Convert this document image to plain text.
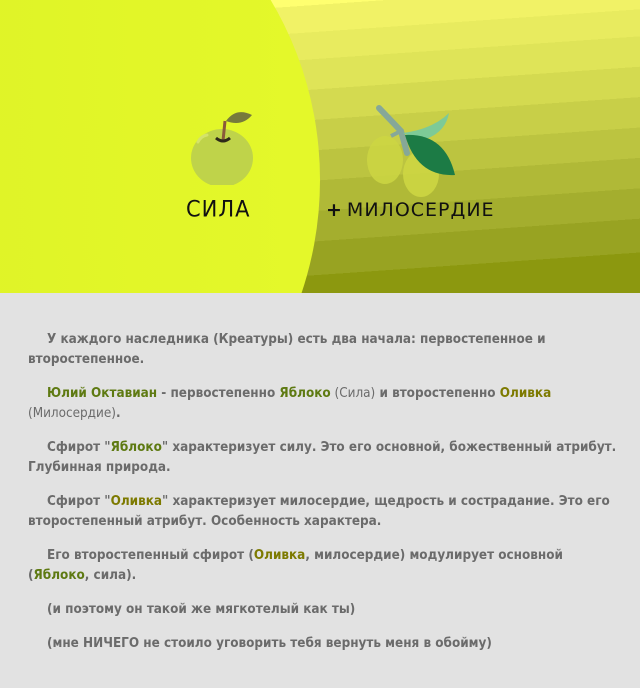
СИЛА	+ МИЛОСЕРДИЕ

У каждого наследника (Креатуры) есть два начала: первостепенное и второстепенное.

Юлий Октавиан - первостепенно Яблоко (Сила) и второстепенно Оливка (Милосердие).

Сфирот "Яблоко" характеризует силу. Это его основной, божественный атрибут. Глубинная природа.

Сфирот "Оливка" характеризует милосердие, щедрость и сострадание. Это его второстепенный атрибут. Особенность характера.

Его второстепенный сфирот (Оливка, милосердие) модулирует основной (Яблоко, сила).

(и поэтому он такой же мягкотелый как ты)

(мне НИЧЕГО не стоило уговорить тебя вернуть меня в обойму)
